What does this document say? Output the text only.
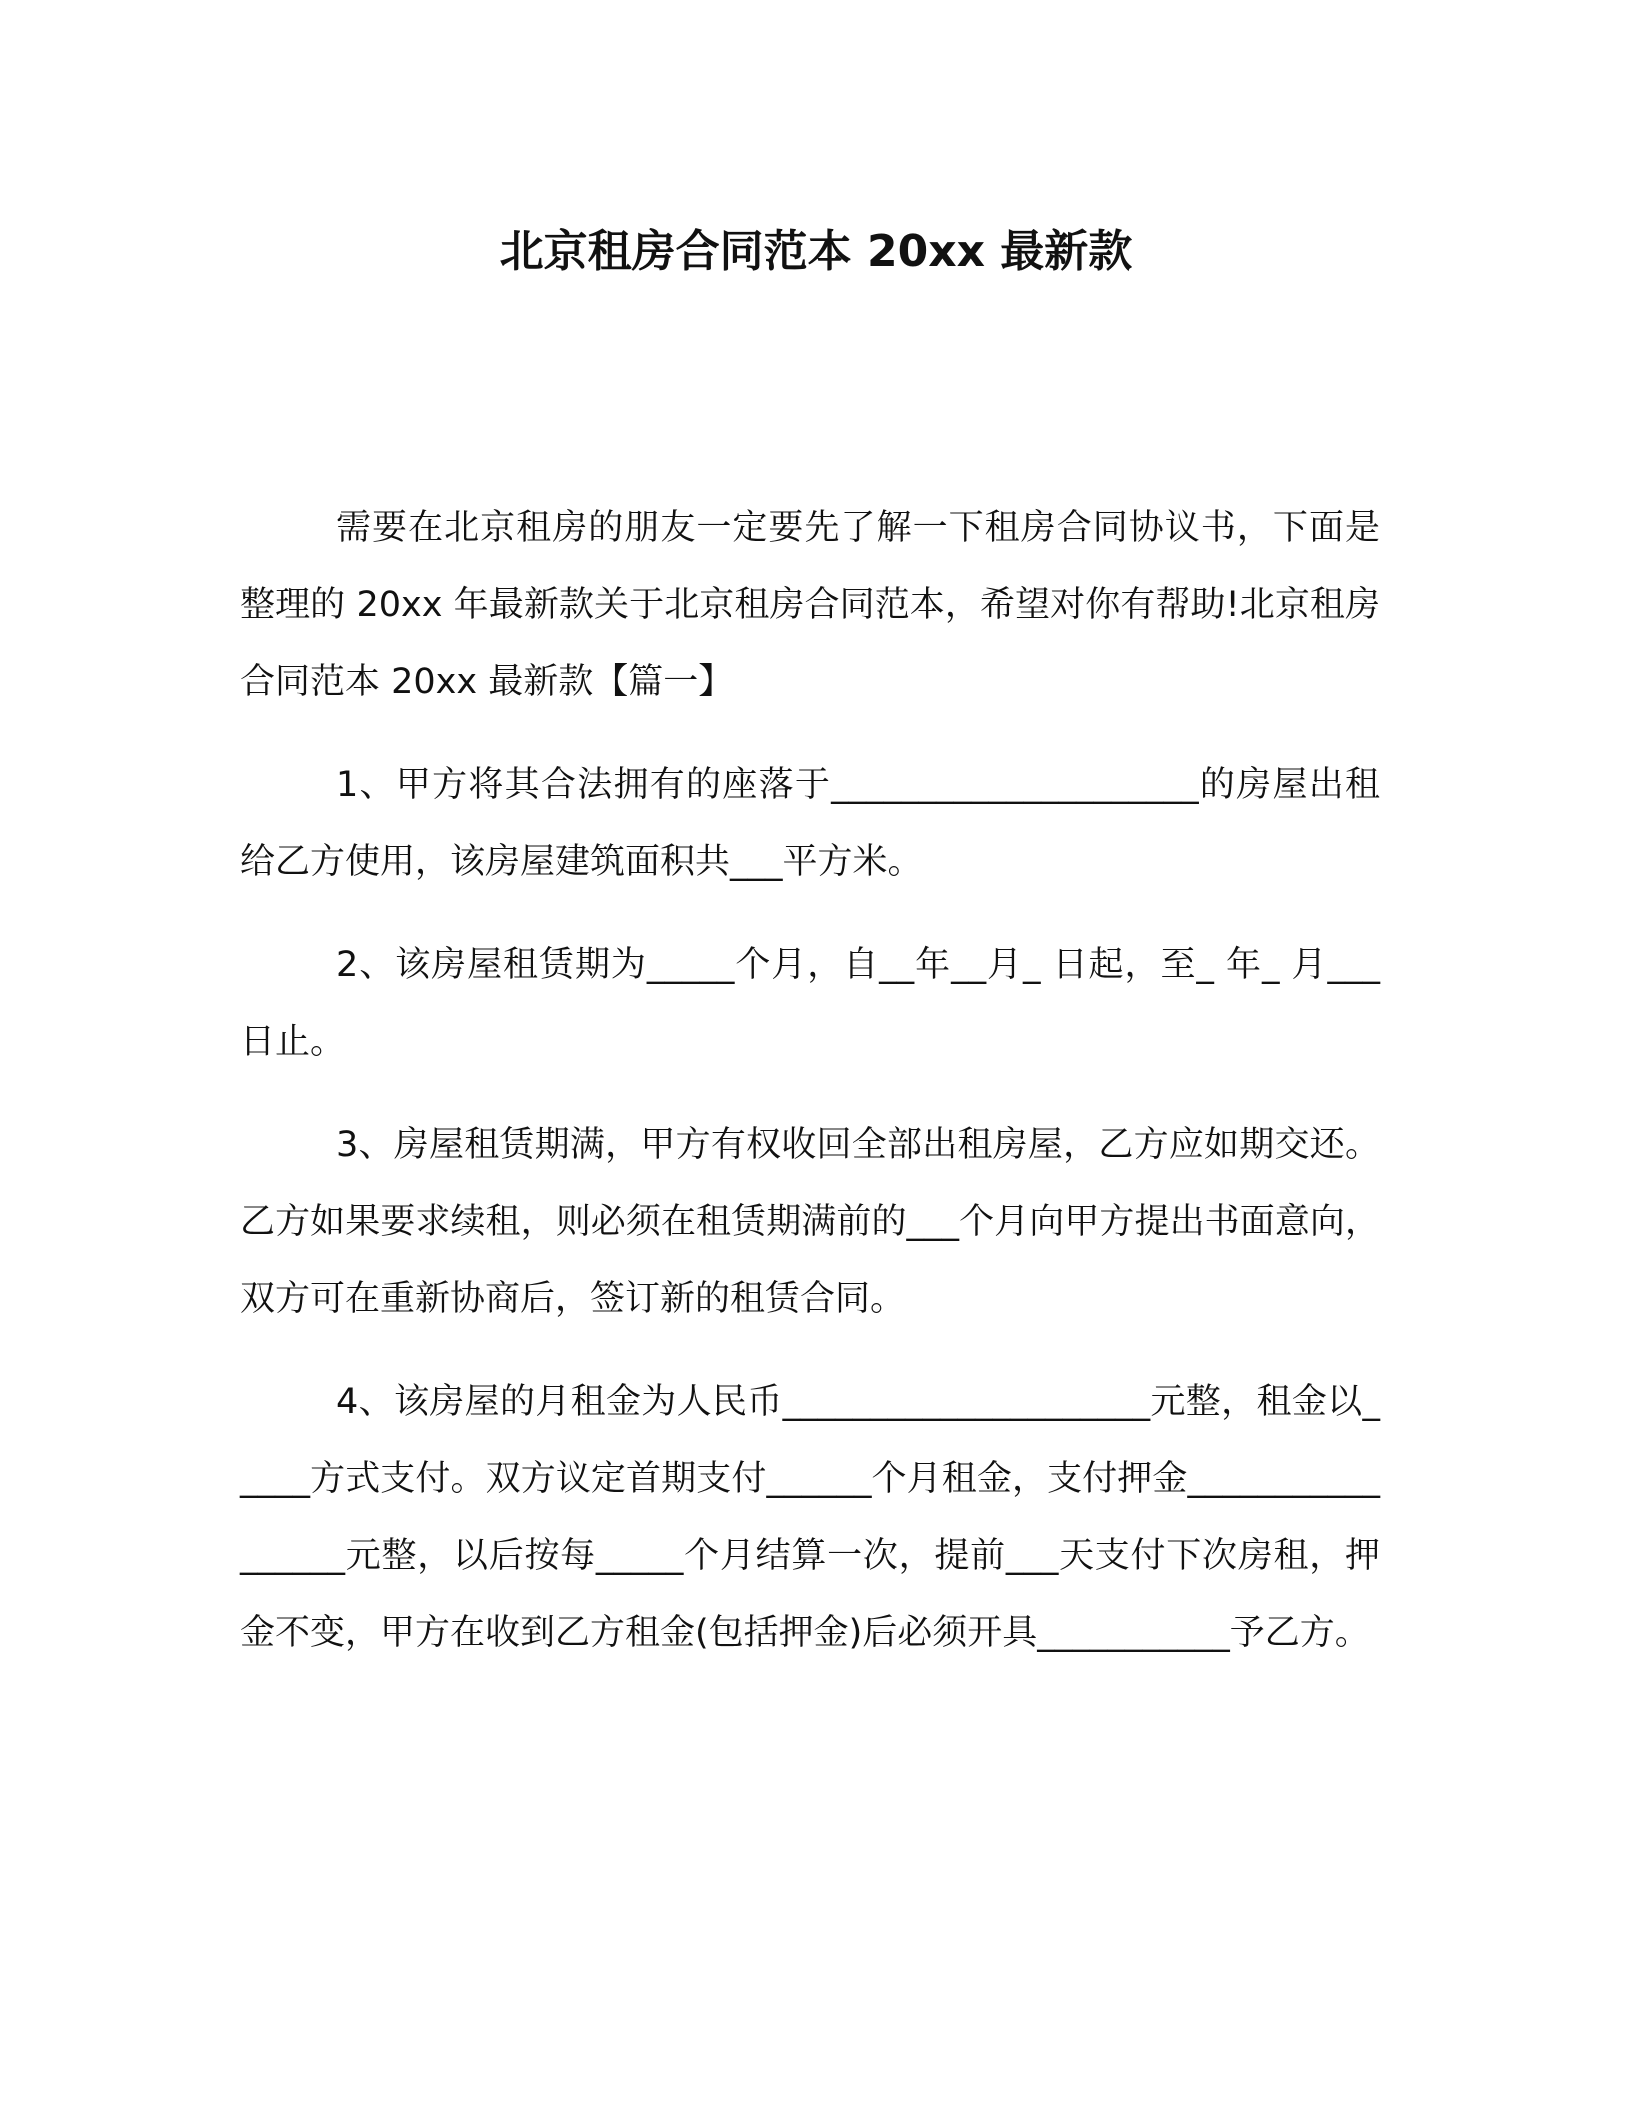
北京租房合同范本 20xx 最新款

需要在北京租房的朋友一定要先了解一下租房合同协议书，下面是整理的 20xx 年最新款关于北京租房合同范本，希望对你有帮助!北京租房合同范本 20xx 最新款【篇一】

1、甲方将其合法拥有的座落于_____________________的房屋出租给乙方使用，该房屋建筑面积共___平方米。

2、该房屋租赁期为_____个月，自__年__月_ 日起，至_ 年_ 月___日止。

3、房屋租赁期满，甲方有权收回全部出租房屋，乙方应如期交还。乙方如果要求续租，则必须在租赁期满前的___个月向甲方提出书面意向，双方可在重新协商后，签订新的租赁合同。

4、该房屋的月租金为人民币_____________________元整，租金以_____方式支付。双方议定首期支付______个月租金，支付押金_________________元整，以后按每_____个月结算一次，提前___天支付下次房租，押金不变，甲方在收到乙方租金(包括押金)后必须开具___________予乙方。
